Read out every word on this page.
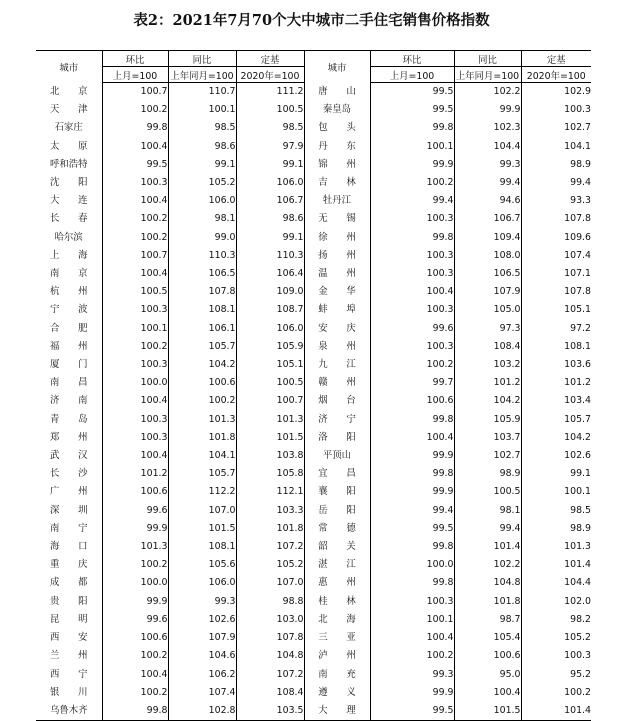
表2：2021年7月70个大中城市二手住宅销售价格指数
城市	环比	同比	定基	城市	环比	同比	定基
	上月=100	上年同月=100	2020年=100		上月=100	上年同月=100	2020年=100
北　　京	100.7	110.7	111.2	唐　　山	99.5	102.2	102.9
天　　津	100.2	100.1	100.5	秦皇岛	99.5	99.9	100.3
石家庄	99.8	98.5	98.5	包　　头	99.8	102.3	102.7
太　　原	100.4	98.6	97.9	丹　　东	100.1	104.4	104.1
呼和浩特	99.5	99.1	99.1	锦　　州	99.9	99.3	98.9
沈　　阳	100.3	105.2	106.0	吉　　林	100.2	99.4	99.4
大　　连	100.4	106.0	106.7	牡丹江	99.4	94.6	93.3
长　　春	100.2	98.1	98.6	无　　锡	100.3	106.7	107.8
哈尔滨	100.2	99.0	99.1	徐　　州	99.8	109.4	109.6
上　　海	100.7	110.3	110.3	扬　　州	100.3	108.0	107.4
南　　京	100.4	106.5	106.4	温　　州	100.3	106.5	107.1
杭　　州	100.5	107.8	109.0	金　　华	100.4	107.9	107.8
宁　　波	100.3	108.1	108.7	蚌　　埠	100.3	105.0	105.1
合　　肥	100.1	106.1	106.0	安　　庆	99.6	97.3	97.2
福　　州	100.2	105.7	105.9	泉　　州	100.3	108.4	108.1
厦　　门	100.3	104.2	105.1	九　　江	100.2	103.2	103.6
南　　昌	100.0	100.6	100.5	赣　　州	99.7	101.2	101.2
济　　南	100.4	100.2	100.7	烟　　台	100.6	104.2	103.4
青　　岛	100.3	101.3	101.3	济　　宁	99.8	105.9	105.7
郑　　州	100.3	101.8	101.5	洛　　阳	100.4	103.7	104.2
武　　汉	100.4	104.1	103.8	平顶山	99.9	102.7	102.6
长　　沙	101.2	105.7	105.8	宜　　昌	99.8	98.9	99.1
广　　州	100.6	112.2	112.1	襄　　阳	99.9	100.5	100.1
深　　圳	99.6	107.0	103.3	岳　　阳	99.4	98.1	98.5
南　　宁	99.9	101.5	101.8	常　　德	99.5	99.4	98.9
海　　口	101.3	108.1	107.2	韶　　关	99.8	101.4	101.3
重　　庆	100.2	105.6	105.2	湛　　江	100.0	102.2	101.4
成　　都	100.0	106.0	107.0	惠　　州	99.8	104.8	104.4
贵　　阳	99.9	99.3	98.8	桂　　林	100.3	101.8	102.0
昆　　明	99.6	102.6	103.0	北　　海	100.1	98.7	98.2
西　　安	100.6	107.9	107.8	三　　亚	100.4	105.4	105.2
兰　　州	100.2	104.6	104.8	泸　　州	100.2	100.6	100.3
西　　宁	100.4	106.2	107.2	南　　充	99.3	95.0	95.2
银　　川	100.2	107.4	108.4	遵　　义	99.9	100.4	100.2
乌鲁木齐	99.8	102.8	103.5	大　　理	99.5	101.5	101.4
